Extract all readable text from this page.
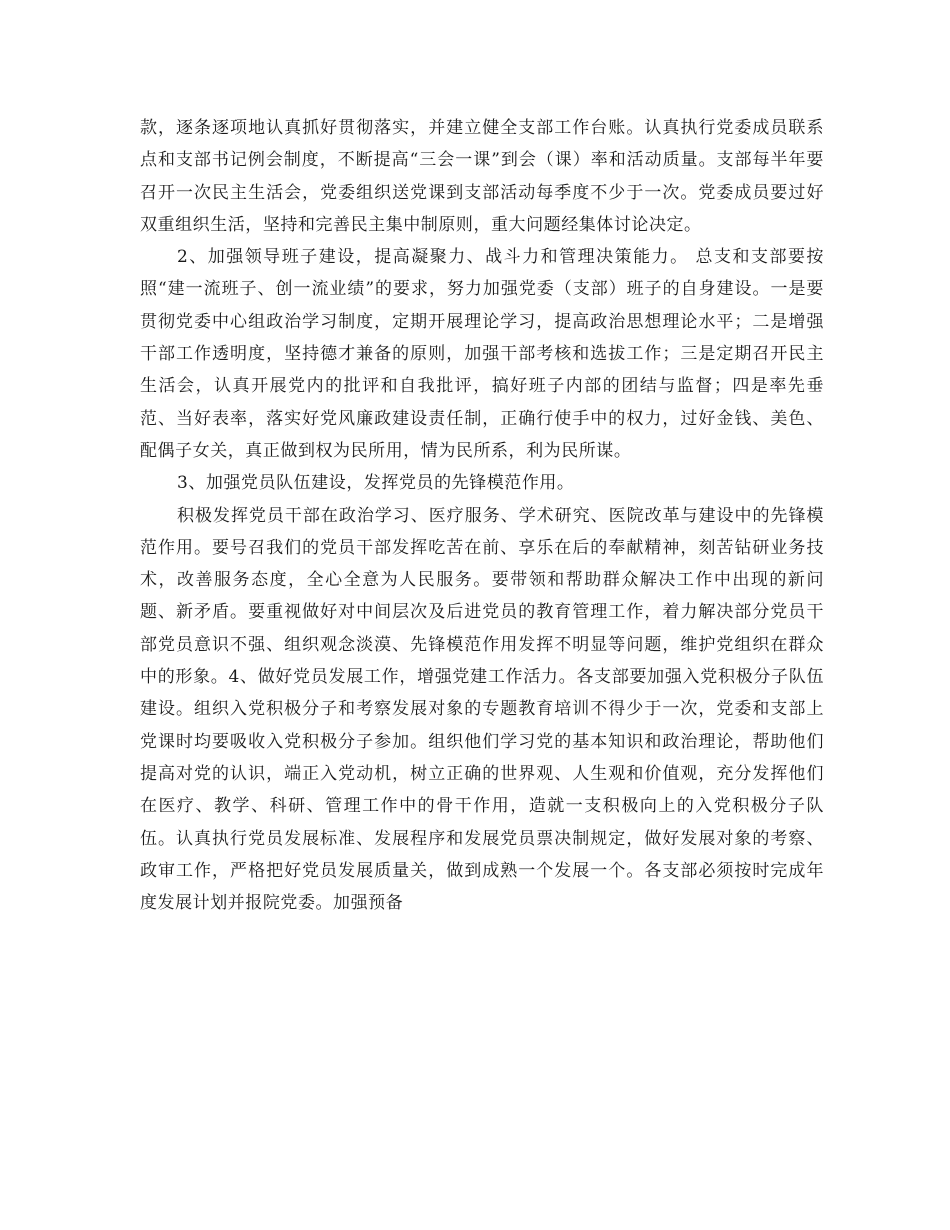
款，逐条逐项地认真抓好贯彻落实，并建立健全支部工作台账。认真执行党委成员联系点和支部书记例会制度，不断提高“三会一课”到会（课）率和活动质量。支部每半年要召开一次民主生活会，党委组织送党课到支部活动每季度不少于一次。党委成员要过好双重组织生活，坚持和完善民主集中制原则，重大问题经集体讨论决定。

2、加强领导班子建设，提高凝聚力、战斗力和管理决策能力。 总支和支部要按照“建一流班子、创一流业绩”的要求，努力加强党委（支部）班子的自身建设。一是要贯彻党委中心组政治学习制度，定期开展理论学习，提高政治思想理论水平；二是增强干部工作透明度，坚持德才兼备的原则，加强干部考核和选拔工作；三是定期召开民主生活会，认真开展党内的批评和自我批评，搞好班子内部的团结与监督；四是率先垂范、当好表率，落实好党风廉政建设责任制，正确行使手中的权力，过好金钱、美色、配偶子女关，真正做到权为民所用，情为民所系，利为民所谋。

3、加强党员队伍建设，发挥党员的先锋模范作用。

积极发挥党员干部在政治学习、医疗服务、学术研究、医院改革与建设中的先锋模范作用。要号召我们的党员干部发挥吃苦在前、享乐在后的奉献精神，刻苦钻研业务技术，改善服务态度，全心全意为人民服务。要带领和帮助群众解决工作中出现的新问题、新矛盾。要重视做好对中间层次及后进党员的教育管理工作，着力解决部分党员干部党员意识不强、组织观念淡漠、先锋模范作用发挥不明显等问题，维护党组织在群众中的形象。4、做好党员发展工作，增强党建工作活力。各支部要加强入党积极分子队伍建设。组织入党积极分子和考察发展对象的专题教育培训不得少于一次，党委和支部上党课时均要吸收入党积极分子参加。组织他们学习党的基本知识和政治理论，帮助他们提高对党的认识，端正入党动机，树立正确的世界观、人生观和价值观，充分发挥他们在医疗、教学、科研、管理工作中的骨干作用，造就一支积极向上的入党积极分子队伍。认真执行党员发展标准、发展程序和发展党员票决制规定，做好发展对象的考察、政审工作，严格把好党员发展质量关，做到成熟一个发展一个。各支部必须按时完成年度发展计划并报院党委。加强预备
